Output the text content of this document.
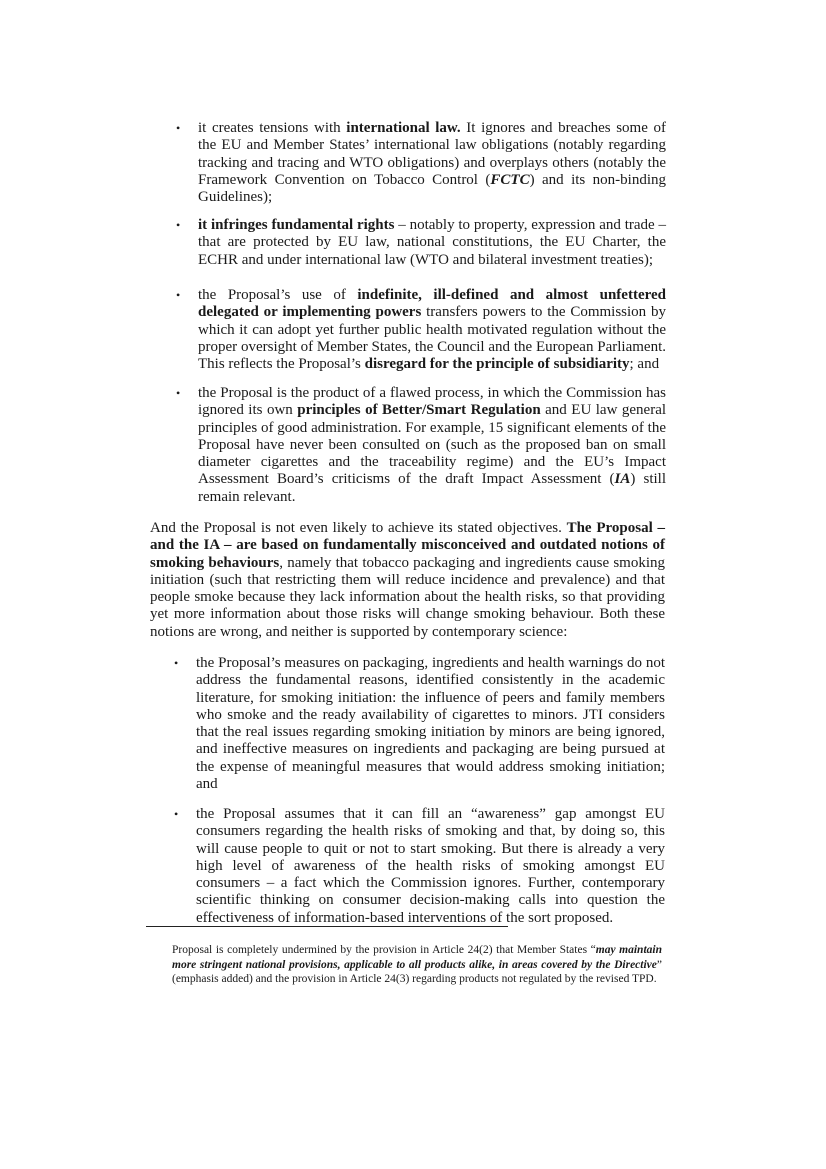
• it creates tensions with international law. It ignores and breaches some of the EU and Member States’ international law obligations (notably regarding tracking and tracing and WTO obligations) and overplays others (notably the Framework Convention on Tobacco Control (FCTC) and its non-binding Guidelines);
• it infringes fundamental rights – notably to property, expression and trade – that are protected by EU law, national constitutions, the EU Charter, the ECHR and under international law (WTO and bilateral investment treaties);
• the Proposal’s use of indefinite, ill-defined and almost unfettered delegated or implementing powers transfers powers to the Commission by which it can adopt yet further public health motivated regulation without the proper oversight of Member States, the Council and the European Parliament. This reflects the Proposal’s disregard for the principle of subsidiarity; and
• the Proposal is the product of a flawed process, in which the Commission has ignored its own principles of Better/Smart Regulation and EU law general principles of good administration. For example, 15 significant elements of the Proposal have never been consulted on (such as the proposed ban on small diameter cigarettes and the traceability regime) and the EU’s Impact Assessment Board’s criticisms of the draft Impact Assessment (IA) still remain relevant.
And the Proposal is not even likely to achieve its stated objectives. The Proposal – and the IA – are based on fundamentally misconceived and outdated notions of smoking behaviours, namely that tobacco packaging and ingredients cause smoking initiation (such that restricting them will reduce incidence and prevalence) and that people smoke because they lack information about the health risks, so that providing yet more information about those risks will change smoking behaviour. Both these notions are wrong, and neither is supported by contemporary science:
• the Proposal’s measures on packaging, ingredients and health warnings do not address the fundamental reasons, identified consistently in the academic literature, for smoking initiation: the influence of peers and family members who smoke and the ready availability of cigarettes to minors. JTI considers that the real issues regarding smoking initiation by minors are being ignored, and ineffective measures on ingredients and packaging are being pursued at the expense of meaningful measures that would address smoking initiation; and
• the Proposal assumes that it can fill an “awareness” gap amongst EU consumers regarding the health risks of smoking and that, by doing so, this will cause people to quit or not to start smoking. But there is already a very high level of awareness of the health risks of smoking amongst EU consumers – a fact which the Commission ignores. Further, contemporary scientific thinking on consumer decision-making calls into question the effectiveness of information-based interventions of the sort proposed.
Proposal is completely undermined by the provision in Article 24(2) that Member States “may maintain more stringent national provisions, applicable to all products alike, in areas covered by the Directive” (emphasis added) and the provision in Article 24(3) regarding products not regulated by the revised TPD.
